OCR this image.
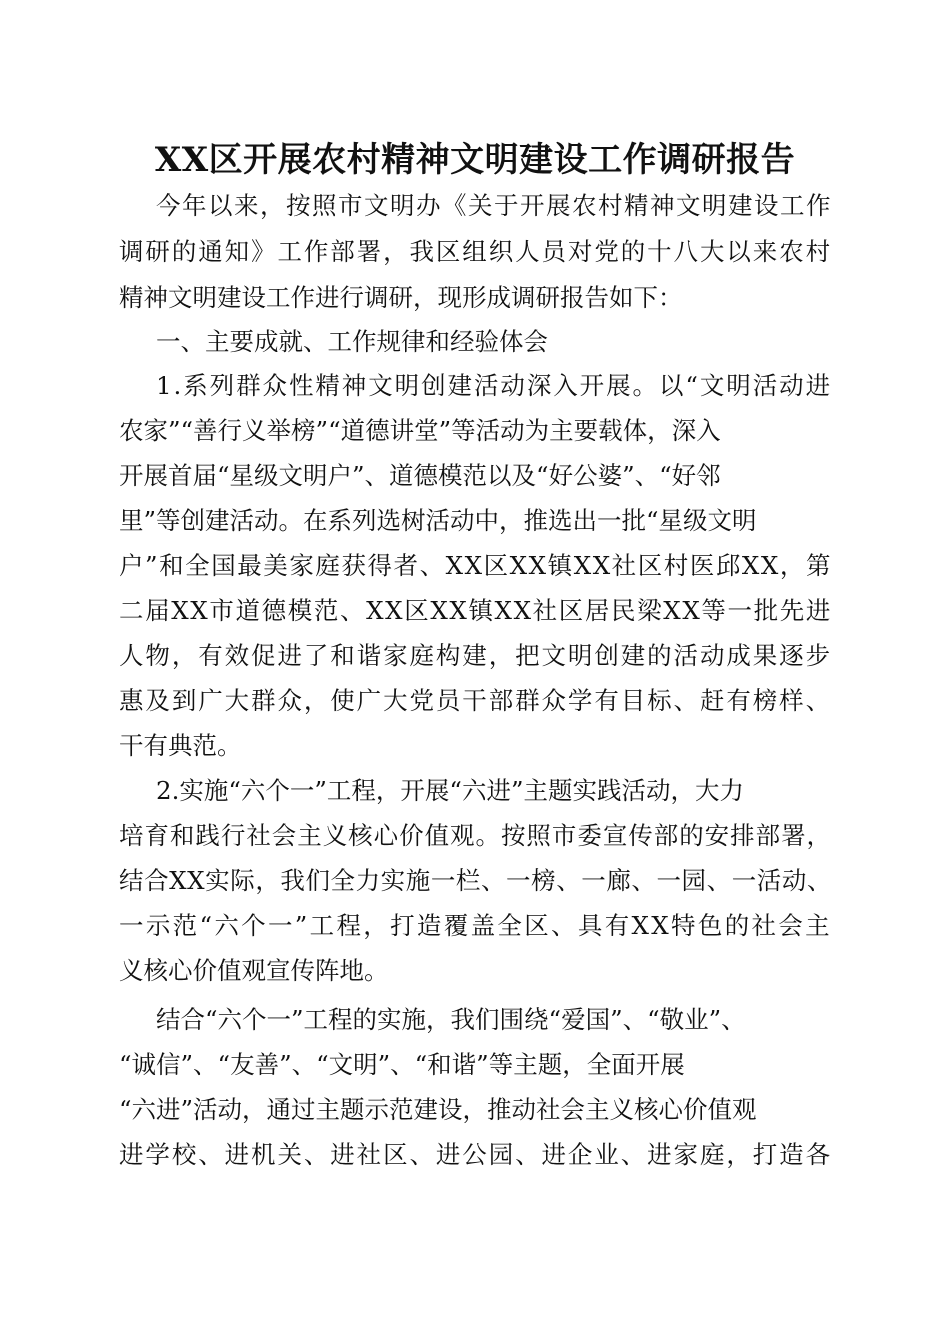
XX区开展农村精神文明建设工作调研报告

今年以来，按照市文明办《关于开展农村精神文明建设工作

调研的通知》工作部署，我区组织人员对党的十八大以来农村

精神文明建设工作进行调研，现形成调研报告如下：

一、主要成就、工作规律和经验体会

1.系列群众性精神文明创建活动深入开展。以“文明活动进

农家”“善行义举榜”“道德讲堂”等活动为主要载体，深入

开展首届“星级文明户”、道德模范以及“好公婆”、“好邻

里”等创建活动。在系列选树活动中，推选出一批“星级文明

户”和全国最美家庭获得者、XX区XX镇XX社区村医邱XX，第

二届XX市道德模范、XX区XX镇XX社区居民梁XX等一批先进

人物，有效促进了和谐家庭构建，把文明创建的活动成果逐步

惠及到广大群众，使广大党员干部群众学有目标、赶有榜样、

干有典范。

2.实施“六个一”工程，开展“六进”主题实践活动，大力

培育和践行社会主义核心价值观。按照市委宣传部的安排部署，

结合XX实际，我们全力实施一栏、一榜、一廊、一园、一活动、

一示范“六个一”工程，打造覆盖全区、具有XX特色的社会主

义核心价值观宣传阵地。

结合“六个一”工程的实施，我们围绕“爱国”、“敬业”、

“诚信”、“友善”、“文明”、“和谐”等主题，全面开展

“六进”活动，通过主题示范建设，推动社会主义核心价值观

进学校、进机关、进社区、进公园、进企业、进家庭，打造各
